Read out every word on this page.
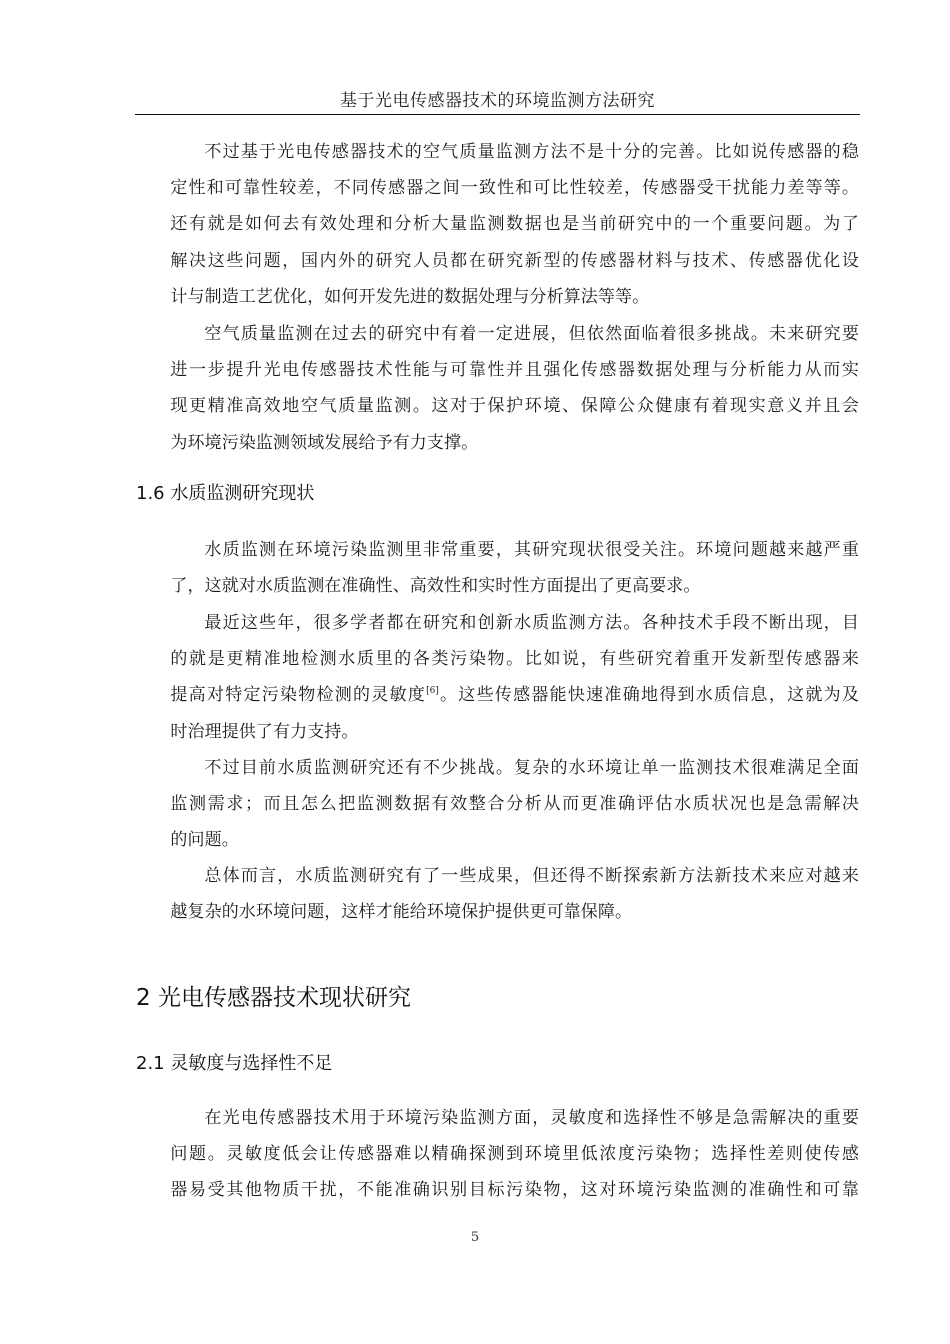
基于光电传感器技术的环境监测方法研究

不过基于光电传感器技术的空气质量监测方法不是十分的完善。比如说传感器的稳
定性和可靠性较差，不同传感器之间一致性和可比性较差，传感器受干扰能力差等等。
还有就是如何去有效处理和分析大量监测数据也是当前研究中的一个重要问题。为了
解决这些问题，国内外的研究人员都在研究新型的传感器材料与技术、传感器优化设
计与制造工艺优化，如何开发先进的数据处理与分析算法等等。

空气质量监测在过去的研究中有着一定进展，但依然面临着很多挑战。未来研究要
进一步提升光电传感器技术性能与可靠性并且强化传感器数据处理与分析能力从而实
现更精准高效地空气质量监测。这对于保护环境、保障公众健康有着现实意义并且会
为环境污染监测领域发展给予有力支撑。

1.6 水质监测研究现状

水质监测在环境污染监测里非常重要，其研究现状很受关注。环境问题越来越严重
了，这就对水质监测在准确性、高效性和实时性方面提出了更高要求。

最近这些年，很多学者都在研究和创新水质监测方法。各种技术手段不断出现，目
的就是更精准地检测水质里的各类污染物。比如说，有些研究着重开发新型传感器来
提高对特定污染物检测的灵敏度[6]。这些传感器能快速准确地得到水质信息，这就为及
时治理提供了有力支持。

不过目前水质监测研究还有不少挑战。复杂的水环境让单一监测技术很难满足全面
监测需求；而且怎么把监测数据有效整合分析从而更准确评估水质状况也是急需解决
的问题。

总体而言，水质监测研究有了一些成果，但还得不断探索新方法新技术来应对越来
越复杂的水环境问题，这样才能给环境保护提供更可靠保障。

2 光电传感器技术现状研究
2.1 灵敏度与选择性不足

在光电传感器技术用于环境污染监测方面，灵敏度和选择性不够是急需解决的重要
问题。灵敏度低会让传感器难以精确探测到环境里低浓度污染物；选择性差则使传感
器易受其他物质干扰，不能准确识别目标污染物，这对环境污染监测的准确性和可靠

5
